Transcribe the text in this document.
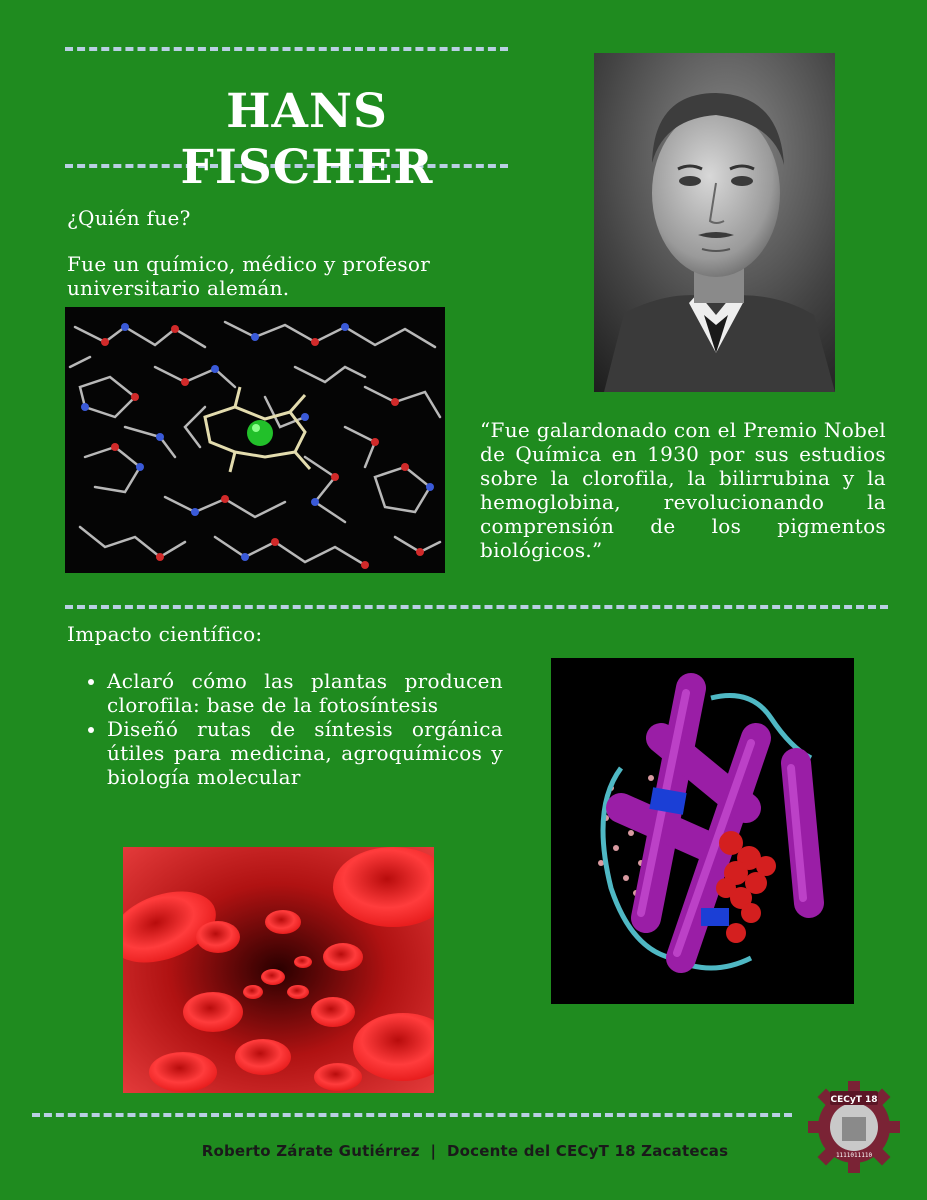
HANS FISCHER
¿Quién fue?
Fue un químico, médico y profesor universitario alemán.
“Fue galardonado con el Premio Nobel de Química en 1930 por sus estudios sobre la clorofila, la bilirrubina y la hemoglobina, revolucionando la comprensión de los pigmentos biológicos.”
Impacto científico:
• Aclaró cómo las plantas producen clorofila: base de la fotosíntesis
• Diseñó rutas de síntesis orgánica útiles para medicina, agroquímicos y biología molecular
Roberto Zárate Gutiérrez  |  Docente del CECyT 18 Zacatecas
CECyT 18
1111011110
